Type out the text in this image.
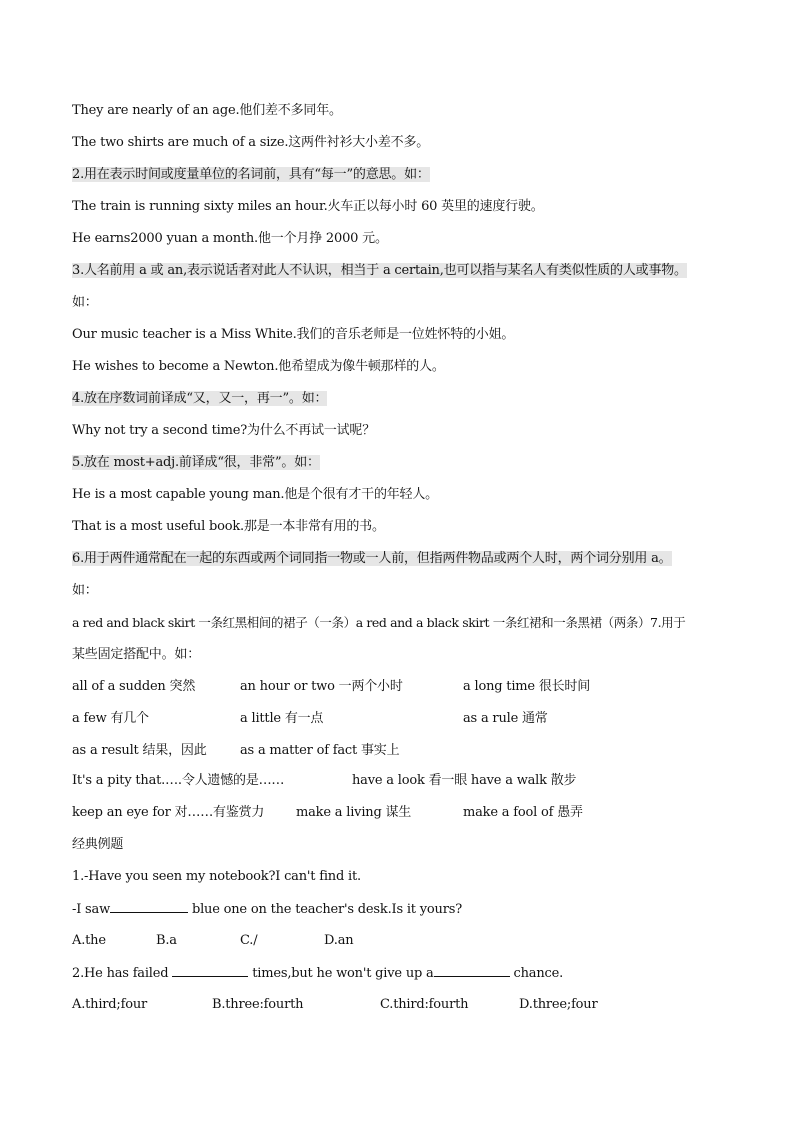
They are nearly of an age.他们差不多同年。
The two shirts are much of a size.这两件衬衫大小差不多。
2.用在表示时间或度量单位的名词前，具有“每一”的意思。如：
The train is running sixty miles an hour.火车正以每小时 60 英里的速度行驶。
He earns2000 yuan a month.他一个月挣 2000 元。
3.人名前用 a 或 an,表示说话者对此人不认识，相当于 a certain,也可以指与某名人有类似性质的人或事物。
如：
Our music teacher is a Miss White.我们的音乐老师是一位姓怀特的小姐。
He wishes to become a Newton.他希望成为像牛顿那样的人。
4.放在序数词前译成“又，又一，再一”。如：
Why not try a second time?为什么不再试一试呢？
5.放在 most+adj.前译成“很，非常”。如：
He is a most capable young man.他是个很有才干的年轻人。
That is a most useful book.那是一本非常有用的书。
6.用于两件通常配在一起的东西或两个词同指一物或一人前，但指两件物品或两个人时，两个词分别用 a。
如：
a red and black skirt 一条红黑相间的裙子（一条）a red and a black skirt 一条红裙和一条黑裙（两条）7.用于
某些固定搭配中。如：
all of a sudden 突然	an hour or two 一两个小时	a long time 很长时间
a few 有几个	a little 有一点	as a rule 通常
as a result 结果，因此	as a matter of fact 事实上
It's a pity that.….令人遗憾的是……	have a look 看一眼 have a walk 散步
keep an eye for 对……有鉴赏力 make a living 谋生	make a fool of 愚弄
经典例题
1.-Have you seen my notebook?I can't find it.
-I saw	blue one on the teacher's desk.Is it yours?
A.the	B.a	C./	D.an
2.He has failed	times,but he won't give up a	chance.
A.third;four	B.three:fourth	C.third:fourth	D.three;four
